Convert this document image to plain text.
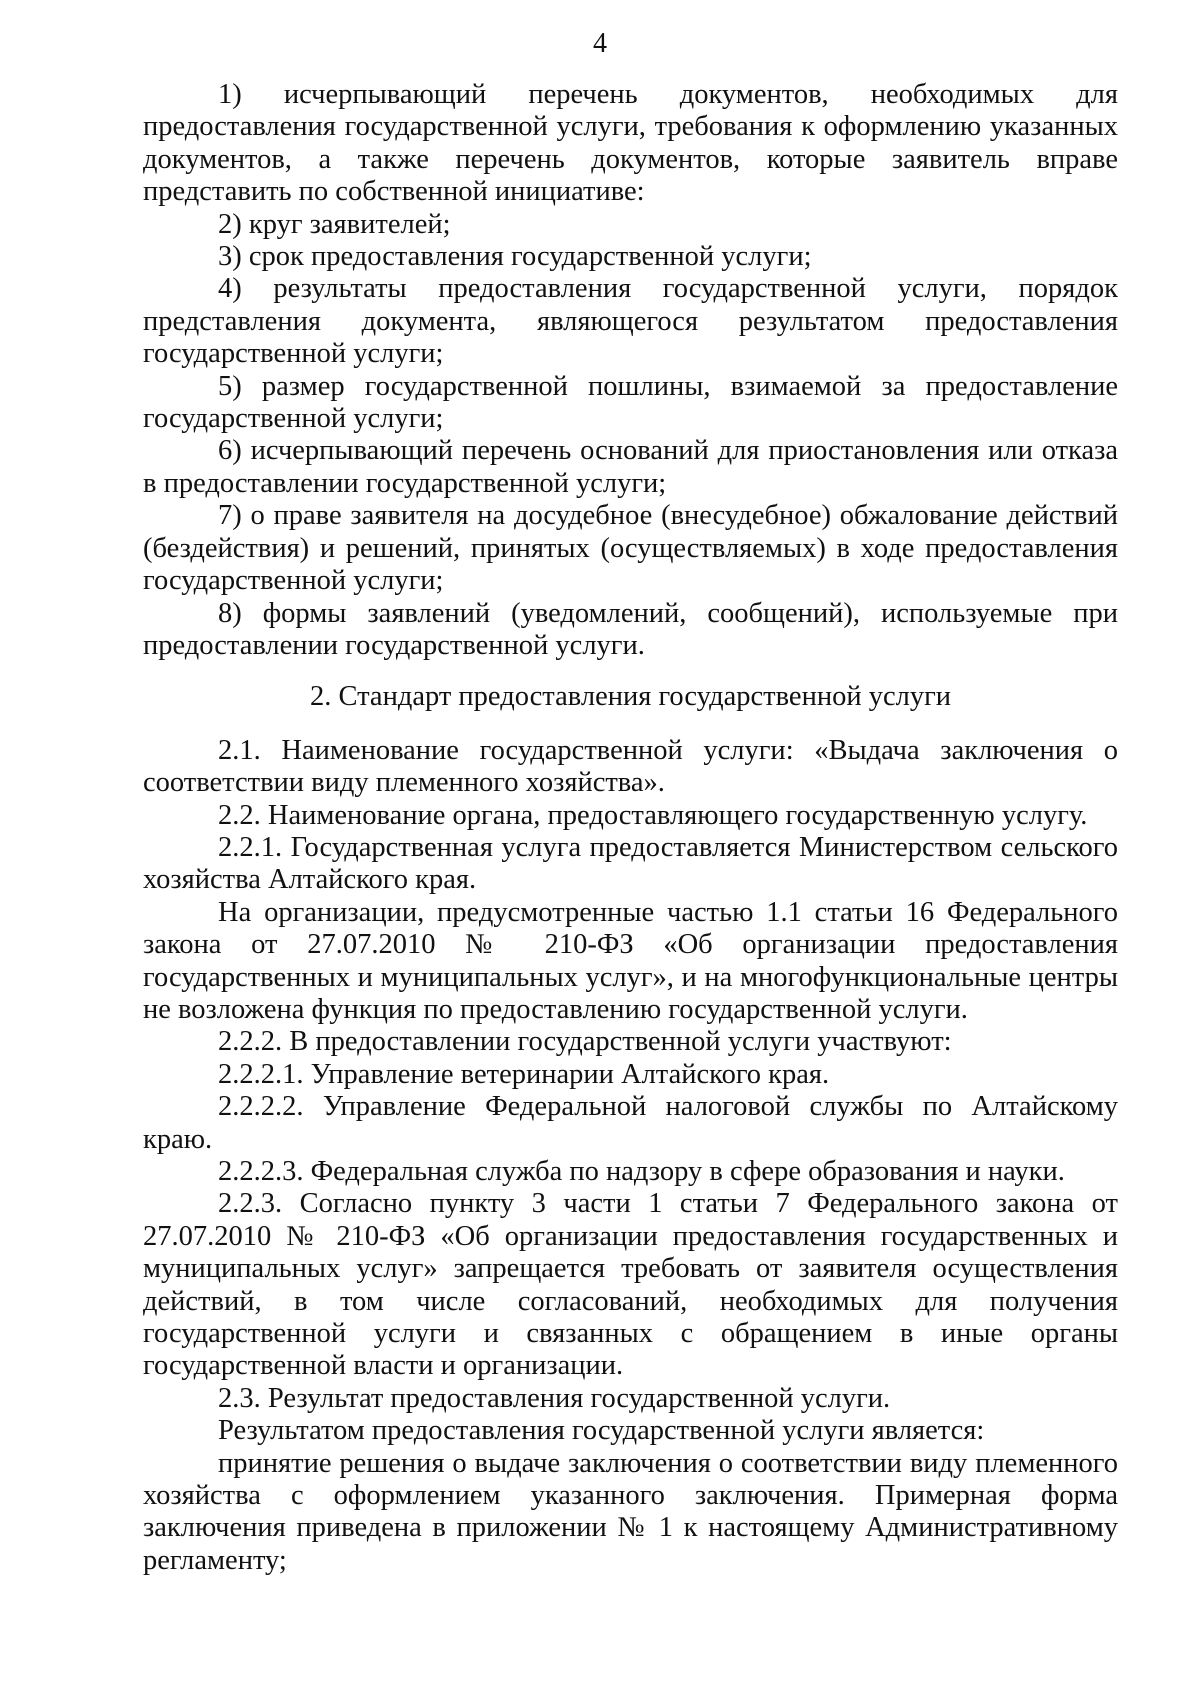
4

1) исчерпывающий перечень документов, необходимых для предоставления государственной услуги, требования к оформлению указанных документов, а также перечень документов, которые заявитель вправе представить по собственной инициативе:

2) круг заявителей;

3) срок предоставления государственной услуги;

4) результаты предоставления государственной услуги, порядок представления документа, являющегося результатом предоставления государственной услуги;

5) размер государственной пошлины, взимаемой за предоставление государственной услуги;

6) исчерпывающий перечень оснований для приостановления или отказа в предоставлении государственной услуги;

7) о праве заявителя на досудебное (внесудебное) обжалование действий (бездействия) и решений, принятых (осуществляемых) в ходе предоставления государственной услуги;

8) формы заявлений (уведомлений, сообщений), используемые при предоставлении государственной услуги.

2. Стандарт предоставления государственной услуги

2.1. Наименование государственной услуги: «Выдача заключения о соответствии виду племенного хозяйства».

2.2. Наименование органа, предоставляющего государственную услугу.

2.2.1. Государственная услуга предоставляется Министерством сельского хозяйства Алтайского края.

На организации, предусмотренные частью 1.1 статьи 16 Федерального закона от 27.07.2010 № 210-ФЗ «Об организации предоставления государственных и муниципальных услуг», и на многофункциональные центры не возложена функция по предоставлению государственной услуги.

2.2.2. В предоставлении государственной услуги участвуют:

2.2.2.1. Управление ветеринарии Алтайского края.

2.2.2.2. Управление Федеральной налоговой службы по Алтайскому краю.

2.2.2.3. Федеральная служба по надзору в сфере образования и науки.

2.2.3. Согласно пункту 3 части 1 статьи 7 Федерального закона от 27.07.2010 № 210-ФЗ «Об организации предоставления государственных и муниципальных услуг» запрещается требовать от заявителя осуществления действий, в том числе согласований, необходимых для получения государственной услуги и связанных с обращением в иные органы государственной власти и организации.

2.3. Результат предоставления государственной услуги.

Результатом предоставления государственной услуги является:

принятие решения о выдаче заключения о соответствии виду племенного хозяйства с оформлением указанного заключения. Примерная форма заключения приведена в приложении № 1 к настоящему Административному регламенту;
